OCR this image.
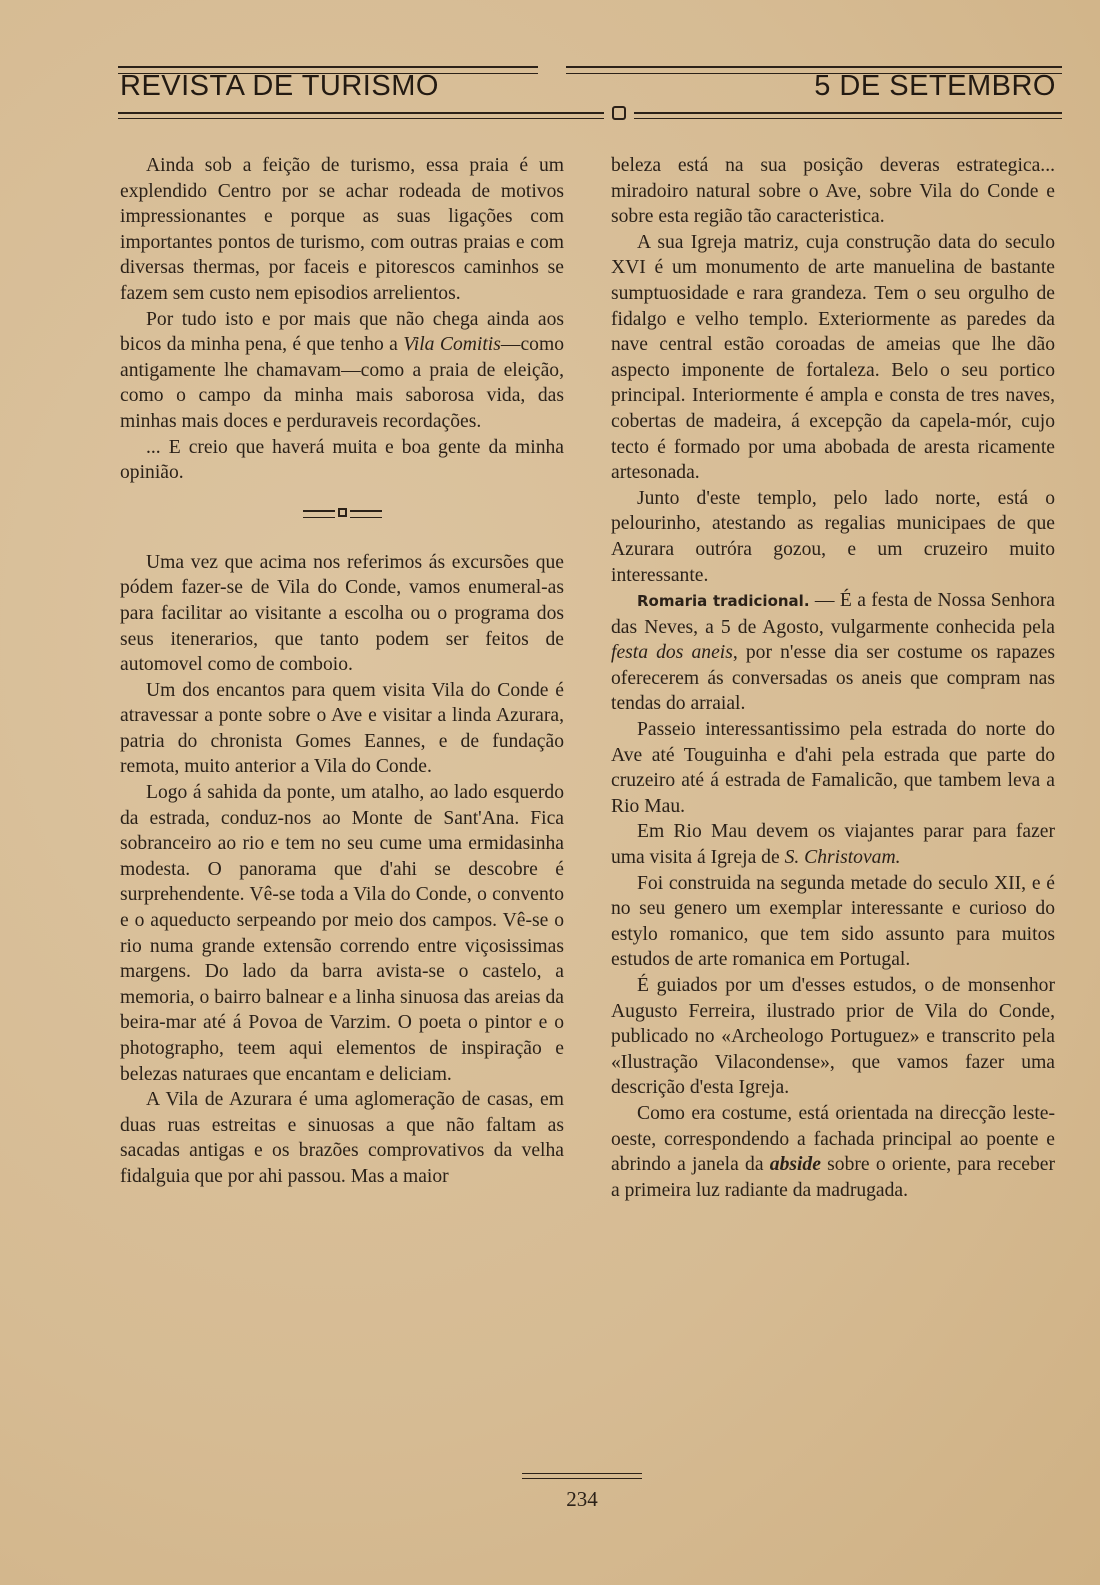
REVISTA DE TURISMO	5 DE SETEMBRO

Ainda sob a feição de turismo, essa praia é um explendido Centro por se achar rodeada de motivos impressionantes e porque as suas ligações com importantes pontos de turismo, com outras praias e com diversas thermas, por faceis e pitorescos caminhos se fazem sem custo nem episodios arrelientos.

Por tudo isto e por mais que não chega ainda aos bicos da minha pena, é que tenho a Vila Comitis—como antigamente lhe chamavam—como a praia de eleição, como o campo da minha mais saborosa vida, das minhas mais doces e perduraveis recordações.

... E creio que haverá muita e boa gente da minha opinião.

Uma vez que acima nos referimos ás excursões que pódem fazer-se de Vila do Conde, vamos enumeral-as para facilitar ao visitante a escolha ou o programa dos seus itenerarios, que tanto podem ser feitos de automovel como de comboio.

Um dos encantos para quem visita Vila do Conde é atravessar a ponte sobre o Ave e visitar a linda Azurara, patria do chronista Gomes Eannes, e de fundação remota, muito anterior a Vila do Conde.

Logo á sahida da ponte, um atalho, ao lado esquerdo da estrada, conduz-nos ao Monte de Sant'Ana. Fica sobranceiro ao rio e tem no seu cume uma ermidasinha modesta. O panorama que d'ahi se descobre é surprehendente. Vê-se toda a Vila do Conde, o convento e o aqueducto serpeando por meio dos campos. Vê-se o rio numa grande extensão correndo entre viçosissimas margens. Do lado da barra avista-se o castelo, a memoria, o bairro balnear e a linha sinuosa das areias da beira-mar até á Povoa de Varzim. O poeta o pintor e o photographo, teem aqui elementos de inspiração e belezas naturaes que encantam e deliciam.

A Vila de Azurara é uma aglomeração de casas, em duas ruas estreitas e sinuosas a que não faltam as sacadas antigas e os brazões comprovativos da velha fidalguia que por ahi passou. Mas a maior

beleza está na sua posição deveras estrategica... miradoiro natural sobre o Ave, sobre Vila do Conde e sobre esta região tão caracteristica.

A sua Igreja matriz, cuja construção data do seculo XVI é um monumento de arte manuelina de bastante sumptuosidade e rara grandeza. Tem o seu orgulho de fidalgo e velho templo. Exteriormente as paredes da nave central estão coroadas de ameias que lhe dão aspecto imponente de fortaleza. Belo o seu portico principal. Interiormente é ampla e consta de tres naves, cobertas de madeira, á excepção da capela-mór, cujo tecto é formado por uma abobada de aresta ricamente artesonada.

Junto d'este templo, pelo lado norte, está o pelourinho, atestando as regalias municipaes de que Azurara outróra gozou, e um cruzeiro muito interessante.

Romaria tradicional. — É a festa de Nossa Senhora das Neves, a 5 de Agosto, vulgarmente conhecida pela festa dos aneis, por n'esse dia ser costume os rapazes oferecerem ás conversadas os aneis que compram nas tendas do arraial.

Passeio interessantissimo pela estrada do norte do Ave até Touguinha e d'ahi pela estrada que parte do cruzeiro até á estrada de Famalicão, que tambem leva a Rio Mau.

Em Rio Mau devem os viajantes parar para fazer uma visita á Igreja de S. Christovam.

Foi construida na segunda metade do seculo XII, e é no seu genero um exemplar interessante e curioso do estylo romanico, que tem sido assunto para muitos estudos de arte romanica em Portugal.

É guiados por um d'esses estudos, o de monsenhor Augusto Ferreira, ilustrado prior de Vila do Conde, publicado no «Archeologo Portuguez» e transcrito pela «Ilustração Vilacondense», que vamos fazer uma descrição d'esta Igreja.

Como era costume, está orientada na direcção leste-oeste, correspondendo a fachada principal ao poente e abrindo a janela da abside sobre o oriente, para receber a primeira luz radiante da madrugada.

234
